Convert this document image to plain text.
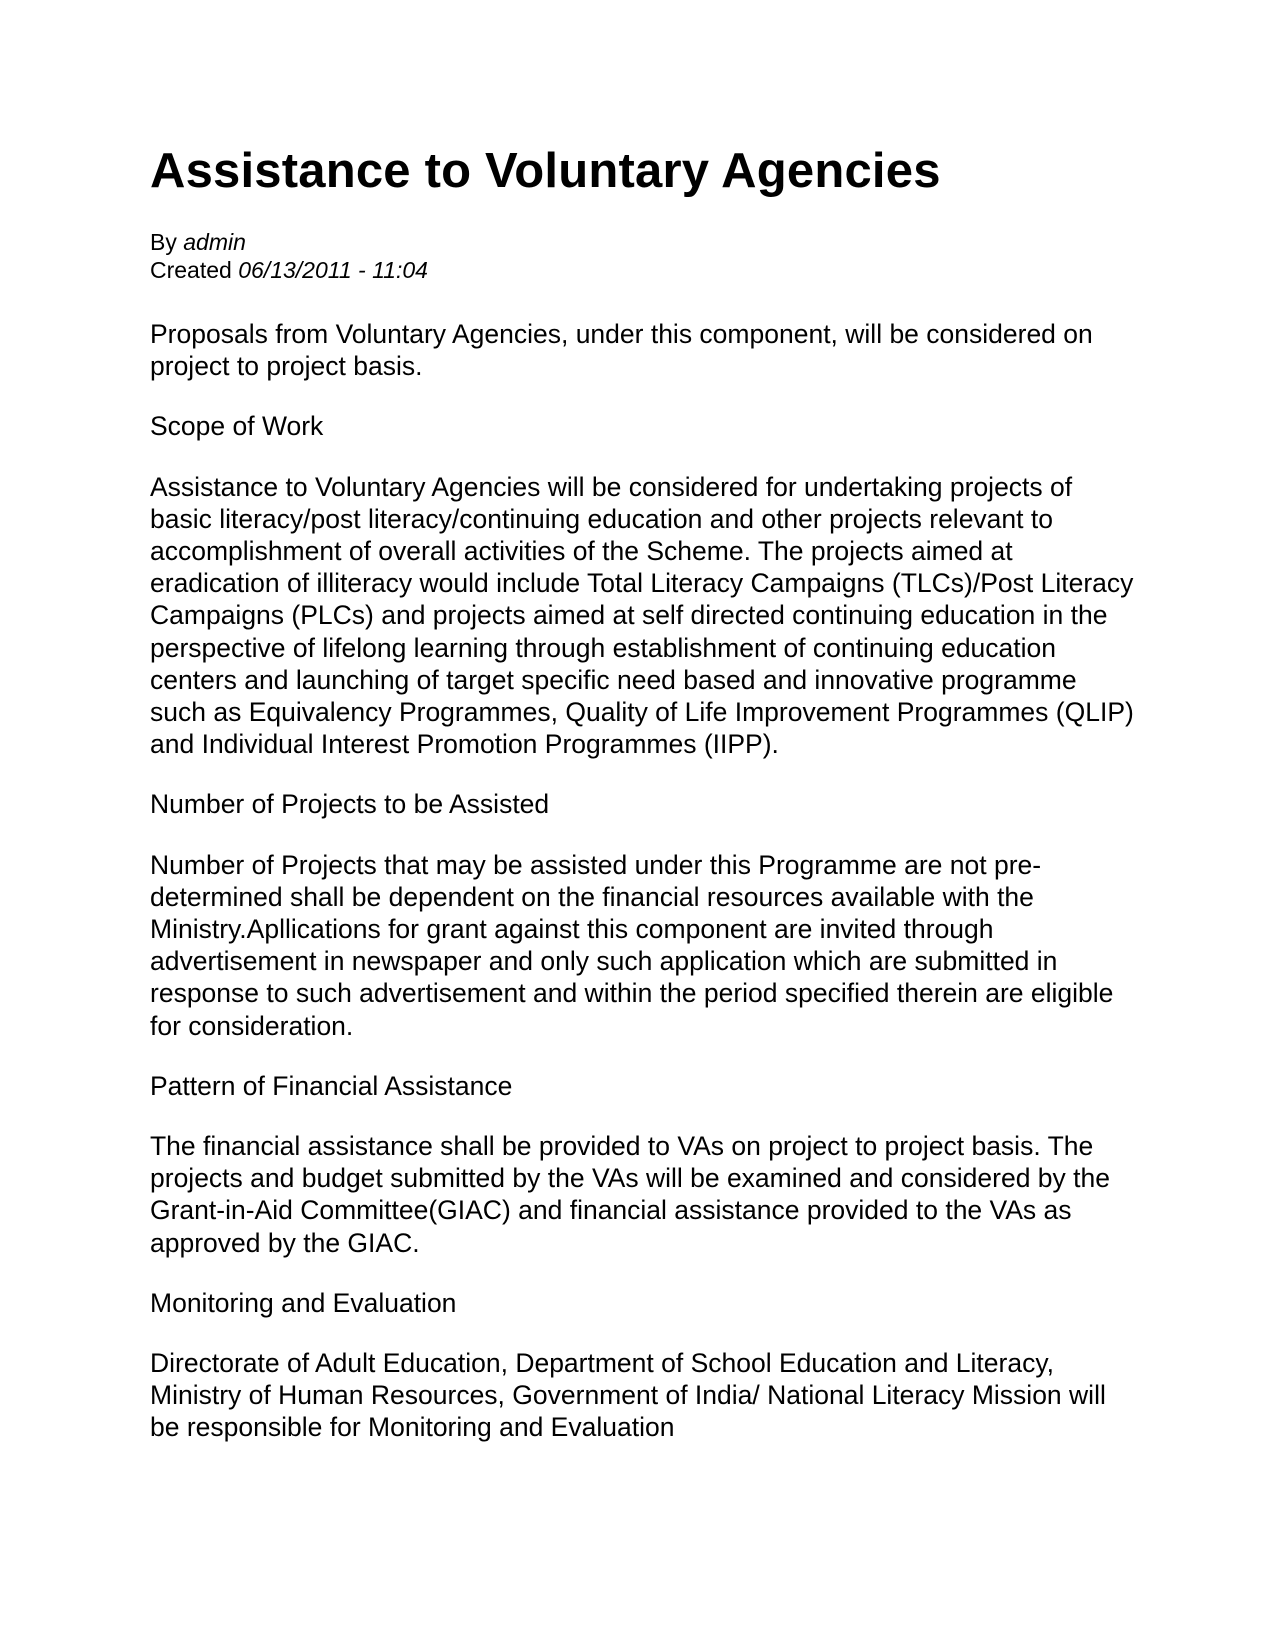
Assistance to Voluntary Agencies

By admin

Created 06/13/2011 - 11:04

Proposals from Voluntary Agencies, under this component, will be considered on project to project basis.

Scope of Work

Assistance to Voluntary Agencies will be considered for undertaking projects of basic literacy/post literacy/continuing education and other projects relevant to accomplishment of overall activities of the Scheme. The projects aimed at eradication of illiteracy would include Total Literacy Campaigns (TLCs)/Post Literacy Campaigns (PLCs) and projects aimed at self directed continuing education in the perspective of lifelong learning through establishment of continuing education centers and launching of target specific need based and innovative programme such as Equivalency Programmes, Quality of Life Improvement Programmes (QLIP) and Individual Interest Promotion Programmes (IIPP).

Number of Projects to be Assisted

Number of Projects that may be assisted under this Programme are not pre-determined shall be dependent on the financial resources available with the Ministry.Apllications for grant against this component are invited through advertisement in newspaper and only such application which are submitted in response to such advertisement and within the period specified therein are eligible for consideration.

Pattern of Financial Assistance

The financial assistance shall be provided to VAs on project to project basis. The projects and budget submitted by the VAs will be examined and considered by the Grant-in-Aid Committee(GIAC) and financial assistance provided to the VAs as approved by the GIAC.

Monitoring and Evaluation

Directorate of Adult Education, Department of School Education and Literacy, Ministry of Human Resources, Government of India/ National Literacy Mission will be responsible for Monitoring and Evaluation
